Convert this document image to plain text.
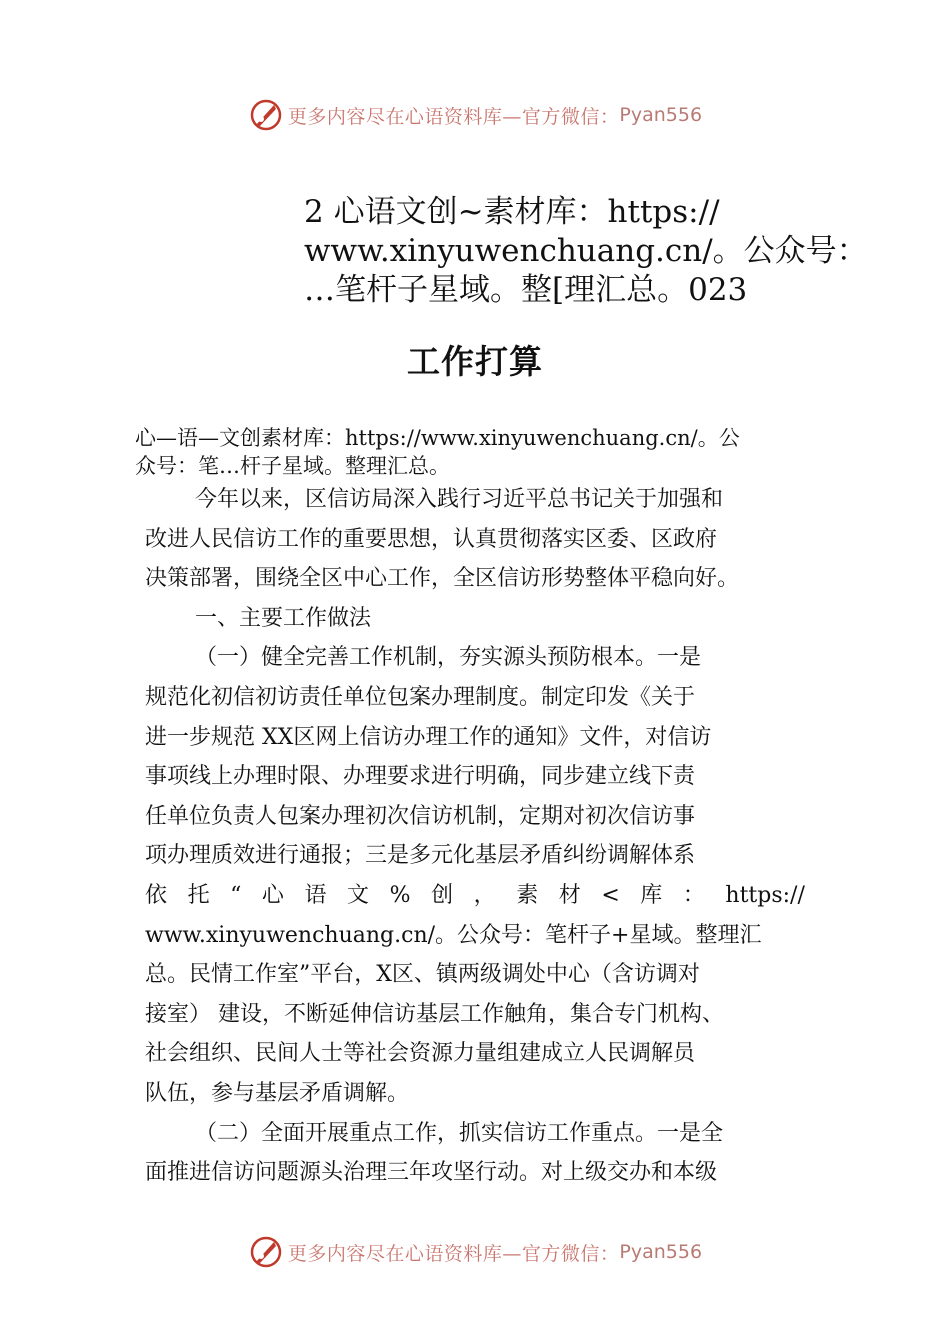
更多内容尽在心语资料库—官方微信： Pyan556
2 心语文创~素材库：https://
www.xinyuwenchuang.cn/。公众号：
…笔杆子星域。整[理汇总。023
工作打算
心—语—文创素材库：https://www.xinyuwenchuang.cn/。公
众号：笔…杆子星域。整理汇总。
今年以来，区信访局深入践行习近平总书记关于加强和
改进人民信访工作的重要思想，认真贯彻落实区委、区政府
决策部署，围绕全区中心工作，全区信访形势整体平稳向好。
一、主要工作做法
（一）健全完善工作机制，夯实源头预防根本。一是
规范化初信初访责任单位包案办理制度。制定印发《关于
进一步规范 XX区网上信访办理工作的通知》文件，对信访
事项线上办理时限、办理要求进行明确，同步建立线下责
任单位负责人包案办理初次信访机制，定期对初次信访事
项办理质效进行通报；三是多元化基层矛盾纠纷调解体系
依 托 “ 心 语 文 % 创 ， 素 材 < 库 ： https://
www.xinyuwenchuang.cn/。公众号：笔杆子+星域。整理汇
总。民情工作室”平台，X区、镇两级调处中心（含访调对
接室） 建设，不断延伸信访基层工作触角，集合专门机构、
社会组织、民间人士等社会资源力量组建成立人民调解员
队伍，参与基层矛盾调解。
（二）全面开展重点工作，抓实信访工作重点。一是全
面推进信访问题源头治理三年攻坚行动。对上级交办和本级
更多内容尽在心语资料库—官方微信： Pyan556
